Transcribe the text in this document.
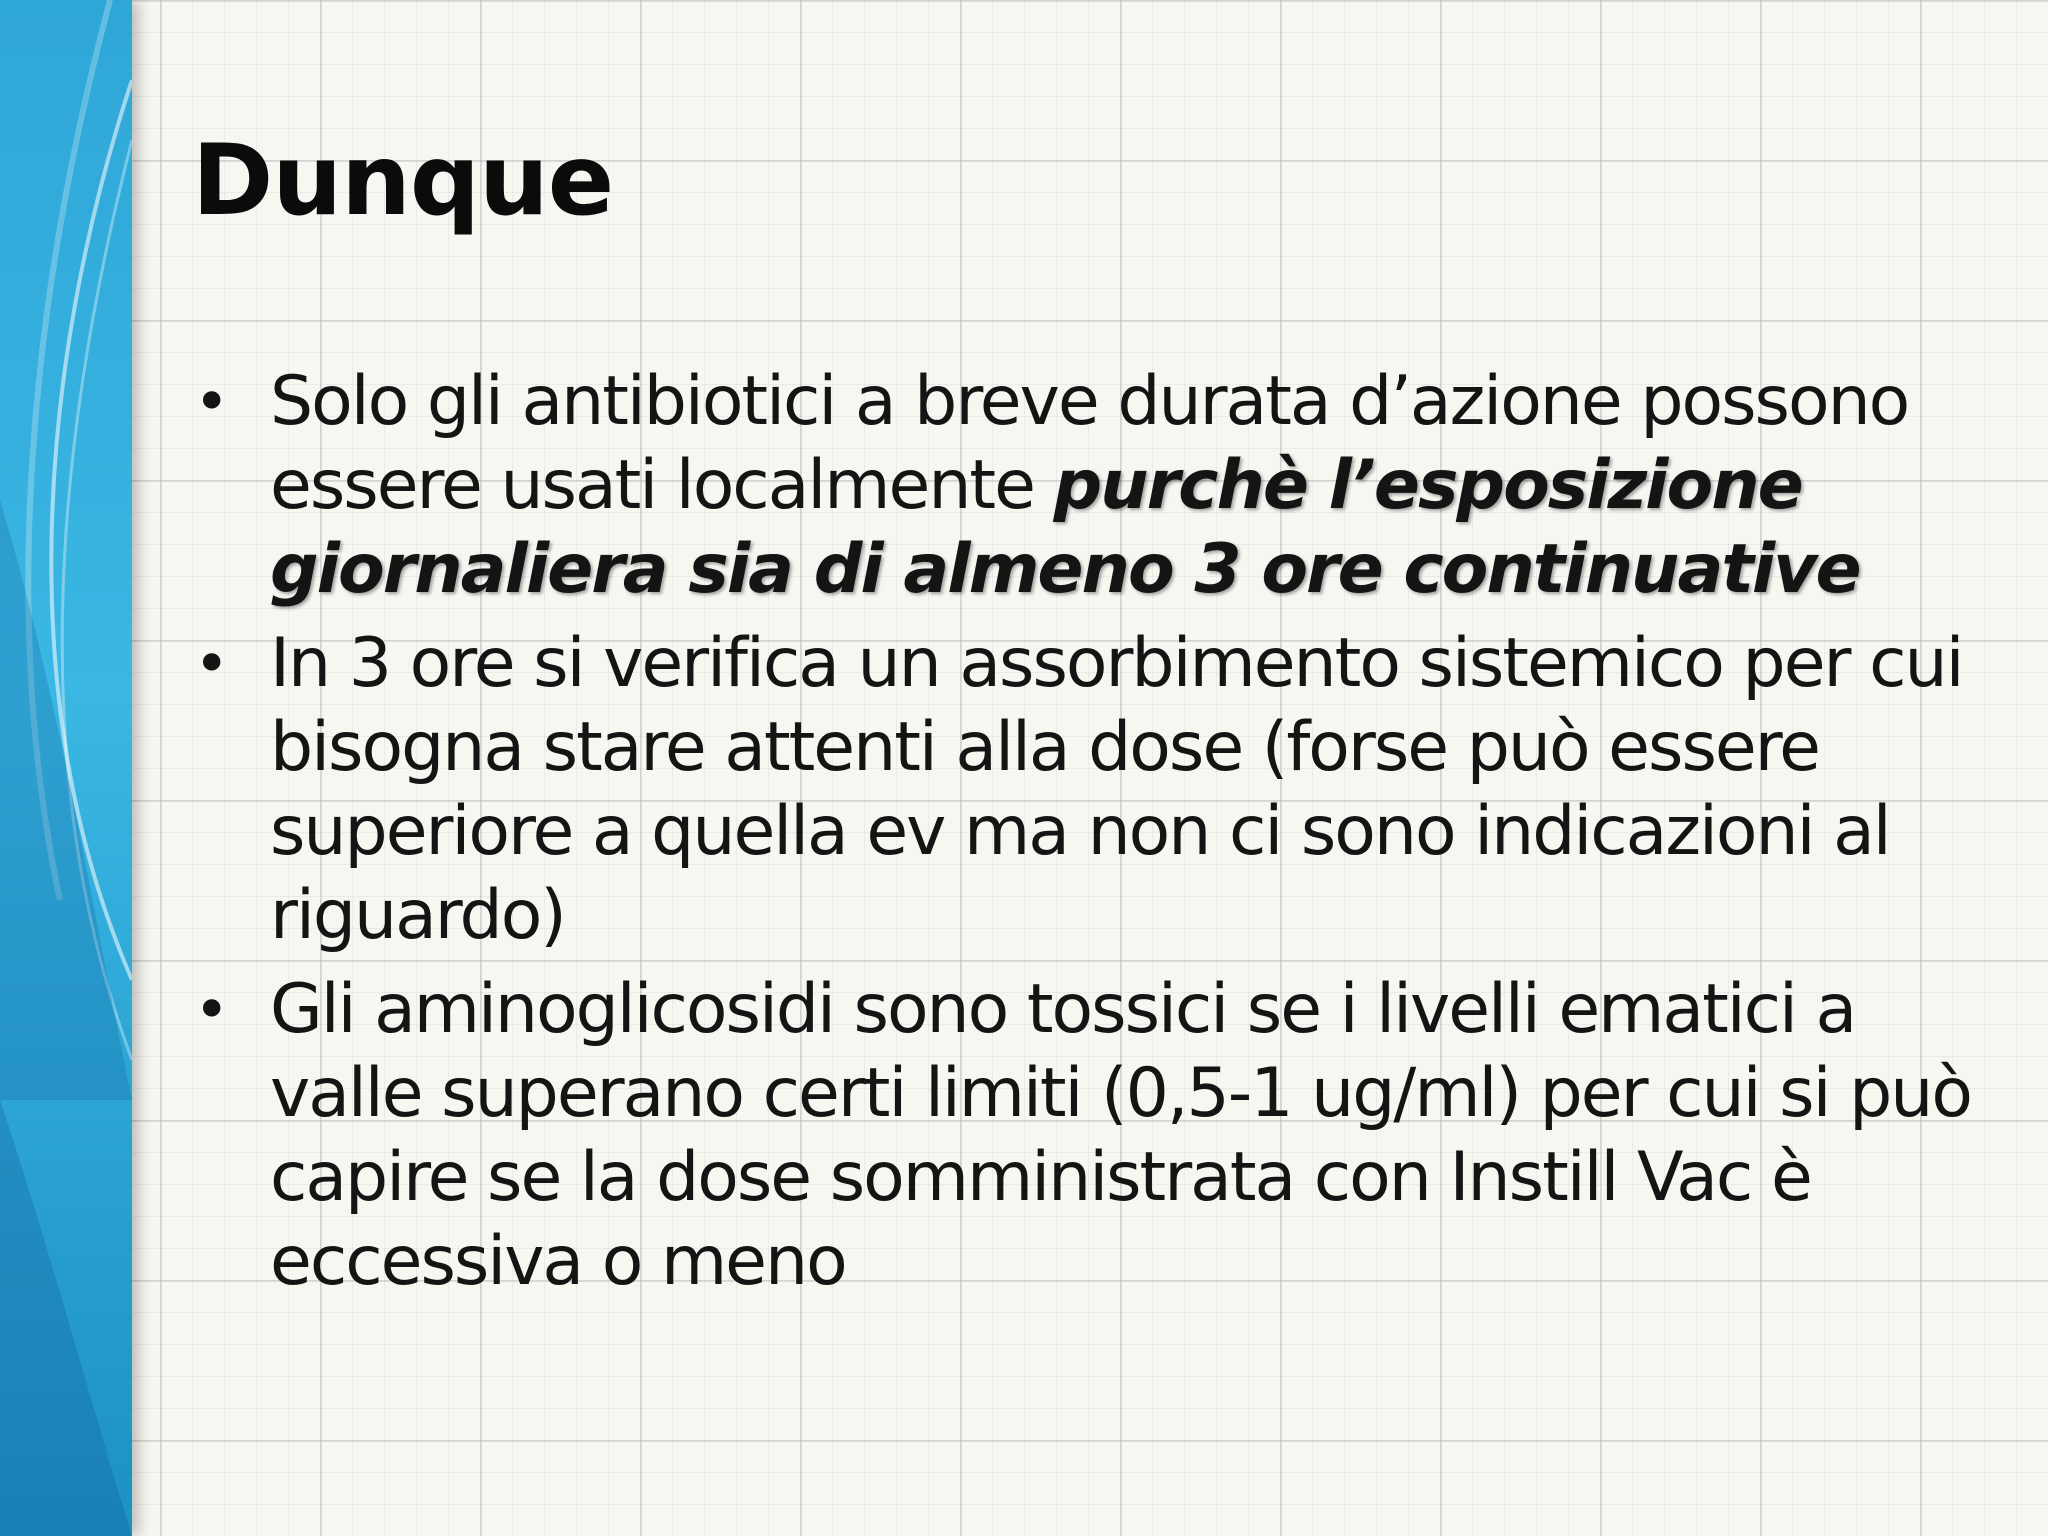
Dunque
• Solo gli antibiotici a breve durata d’azione possono essere usati localmente purchè l’esposizione giornaliera sia di almeno 3 ore continuative
• In 3 ore si verifica un assorbimento sistemico per cui bisogna stare attenti alla dose (forse può essere superiore a quella ev ma non ci sono indicazioni al riguardo)
• Gli aminoglicosidi sono tossici se i livelli ematici a valle superano certi limiti (0,5-1 ug/ml) per cui si può capire se la dose somministrata con Instill Vac è eccessiva o meno
